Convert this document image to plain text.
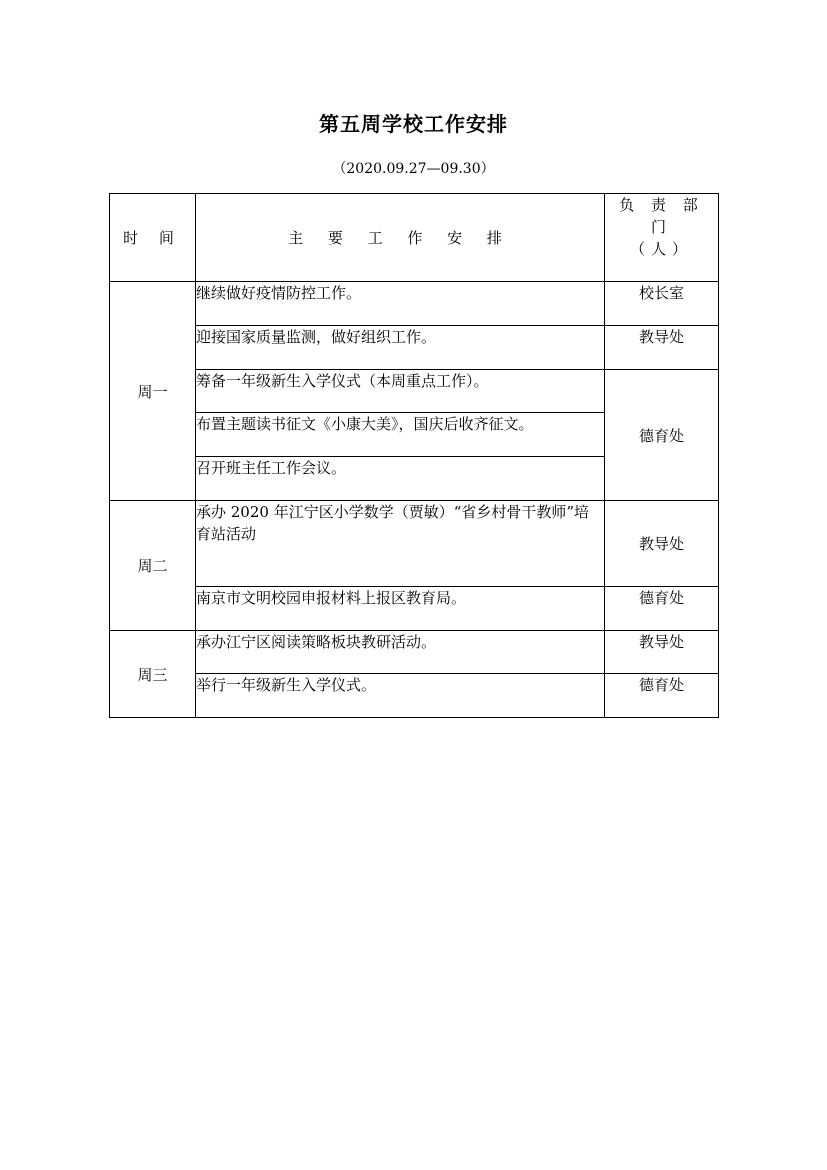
第五周学校工作安排
（2020.09.27—09.30）
时 间	主 要 工 作 安 排	负 责 部 门
（人）

周一	继续做好疫情防控工作。	校长室
	迎接国家质量监测，做好组织工作。	教导处
	筹备一年级新生入学仪式（本周重点工作）。	德育处
	布置主题读书征文《小康大美》，国庆后收齐征文。	
	召开班主任工作会议。	
周二	承办 2020 年江宁区小学数学（贾敏）“省乡村骨干教师”培育站活动	教导处
	南京市文明校园申报材料上报区教育局。	德育处
周三	承办江宁区阅读策略板块教研活动。	教导处
	举行一年级新生入学仪式。	德育处
